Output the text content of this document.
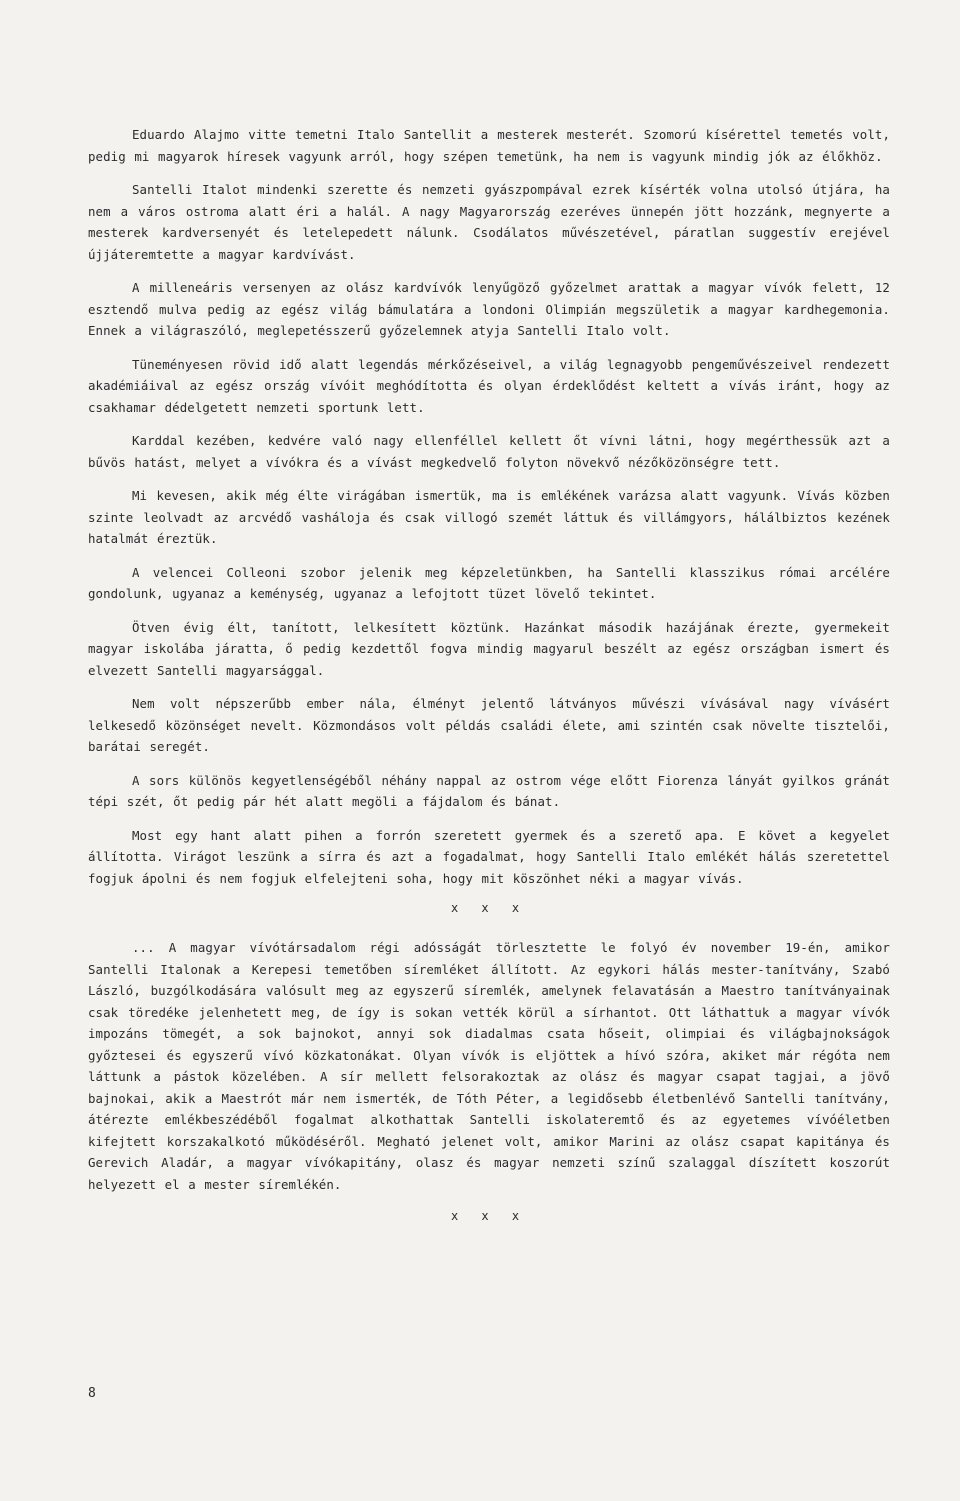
Eduardo Alajmo vitte temetni Italo Santellit a mesterek mesterét. Szomorú kísérettel temetés volt, pedig mi magyarok híresek vagyunk arról, hogy szépen temetünk, ha nem is vagyunk mindig jók az élőkhöz.

Santelli Italot mindenki szerette és nemzeti gyászpompával ezrek kísérték volna utolsó útjára, ha nem a város ostroma alatt éri a halál. A nagy Magyarország ezeréves ünnepén jött hozzánk, megnyerte a mesterek kardversenyét és letelepedett nálunk. Csodálatos művészetével, páratlan suggestív erejével újjáteremtette a magyar kardvívást.

A milleneáris versenyen az olász kardvívók lenyűgöző győzelmet arattak a magyar vívók felett, 12 esztendő mulva pedig az egész világ bámulatára a londoni Olimpián megszületik a magyar kardhegemonia. Ennek a világraszóló, meglepetésszerű győzelemnek atyja Santelli Italo volt.

Tüneményesen rövid idő alatt legendás mérkőzéseivel, a világ legnagyobb pengeművészeivel rendezett akadémiáival az egész ország vívóit meghódította és olyan érdeklődést keltett a vívás iránt, hogy az csakhamar dédelgetett nemzeti sportunk lett.

Karddal kezében, kedvére való nagy ellenféllel kellett őt vívni látni, hogy megérthessük azt a bűvös hatást, melyet a vívókra és a vívást megkedvelő folyton növekvő nézőközönségre tett.

Mi kevesen, akik még élte virágában ismertük, ma is emlékének varázsa alatt vagyunk. Vívás közben szinte leolvadt az arcvédő vasháloja és csak villogó szemét láttuk és villámgyors, hálálbiztos kezének hatalmát éreztük.

A velencei Colleoni szobor jelenik meg képzeletünkben, ha Santelli klasszikus római arcélére gondolunk, ugyanaz a keménység, ugyanaz a lefojtott tüzet lövelő tekintet.

Ötven évig élt, tanított, lelkesített köztünk. Hazánkat második hazájának érezte, gyermekeit magyar iskolába járatta, ő pedig kezdettől fogva mindig magyarul beszélt az egész országban ismert és elvezett Santelli magyarsággal.

Nem volt népszerűbb ember nála, élményt jelentő látványos művészi vívásával nagy vívásért lelkesedő közönséget nevelt. Közmondásos volt példás családi élete, ami szintén csak növelte tisztelői, barátai seregét.

A sors különös kegyetlenségéből néhány nappal az ostrom vége előtt Fiorenza lányát gyilkos gránát tépi szét, őt pedig pár hét alatt megöli a fájdalom és bánat.

Most egy hant alatt pihen a forrón szeretett gyermek és a szerető apa. E követ a kegyelet állította. Virágot leszünk a sírra és azt a fogadalmat, hogy Santelli Italo emlékét hálás szeretettel fogjuk ápolni és nem fogjuk elfelejteni soha, hogy mit köszönhet néki a magyar vívás.

x x x

... A magyar vívótársadalom régi adósságát törlesztette le folyó év november 19-én, amikor Santelli Italonak a Kerepesi temetőben síremléket állított. Az egykori hálás mester-tanítvány, Szabó László, buzgólkodására valósult meg az egyszerű síremlék, amelynek felavatásán a Maestro tanítványainak csak töredéke jelenhetett meg, de így is sokan vették körül a sírhantot. Ott láthattuk a magyar vívók impozáns tömegét, a sok bajnokot, annyi sok diadalmas csata hőseit, olimpiai és világbajnokságok győztesei és egyszerű vívó közkatonákat. Olyan vívók is eljöttek a hívó szóra, akiket már régóta nem láttunk a pástok közelében. A sír mellett felsorakoztak az olász és magyar csapat tagjai, a jövő bajnokai, akik a Maestrót már nem ismerték, de Tóth Péter, a legidősebb életbenlévő Santelli tanítvány, átérezte emlékbeszédéből fogalmat alkothattak Santelli iskolateremtő és az egyetemes vívóéletben kifejtett korszakalkotó működéséről. Megható jelenet volt, amikor Marini az olász csapat kapitánya és Gerevich Aladár, a magyar vívókapitány, olasz és magyar nemzeti színű szalaggal díszített koszorút helyezett el a mester síremlékén.

x x x
8
